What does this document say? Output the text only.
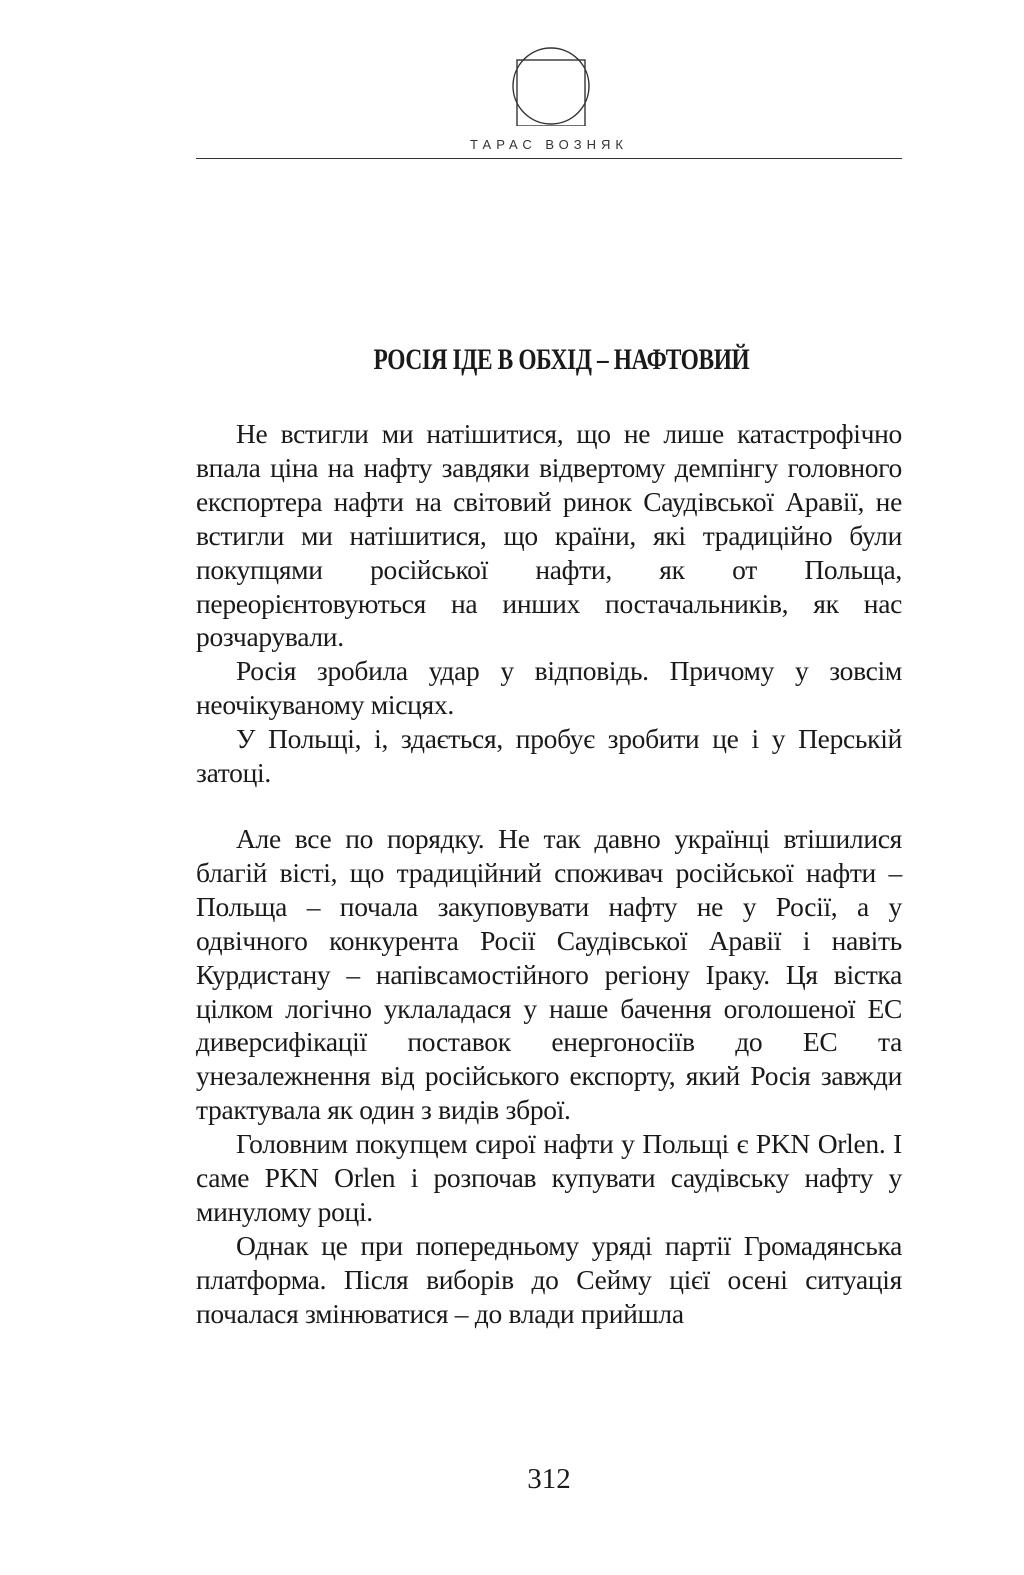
ТАРАС ВОЗНЯК
РОСІЯ ІДЕ В ОБХІД – НАФТОВИЙ

Не встигли ми натішитися, що не лише катастрофічно впала ціна на нафту завдяки відвертому демпінгу головного експортера нафти на світовий ринок Саудівської Аравії, не встигли ми натішитися, що країни, які традиційно були покупцями російської нафти, як от Польща, переорієнтовуються на инших постачальників, як нас розчарували.

Росія зробила удар у відповідь. Причому у зовсім неочікуваному місцях.

У Польщі, і, здається, пробує зробити це і у Перській затоці.

Але все по порядку. Не так давно українці втішилися благій вісті, що традиційний споживач російської нафти – Польща – почала закуповувати нафту не у Росії, а у одвічного конкурента Росії Саудівської Аравії і навіть Курдистану – напівсамостійного регіону Іраку. Ця вістка цілком логічно уклаладася у наше бачення оголошеної ЕС диверсифікації поставок енергоносіїв до ЕС та унезалежнення від російського експорту, який Росія завжди трактувала як один з видів зброї.

Головним покупцем сирої нафти у Польщі є PKN Orlen. І саме PKN Orlen і розпочав купувати саудівську нафту у минулому році.

Однак це при попередньому уряді партії Громадянська платформа. Після виборів до Сейму цієї осені ситуація почалася змінюватися – до влади прийшла

312
